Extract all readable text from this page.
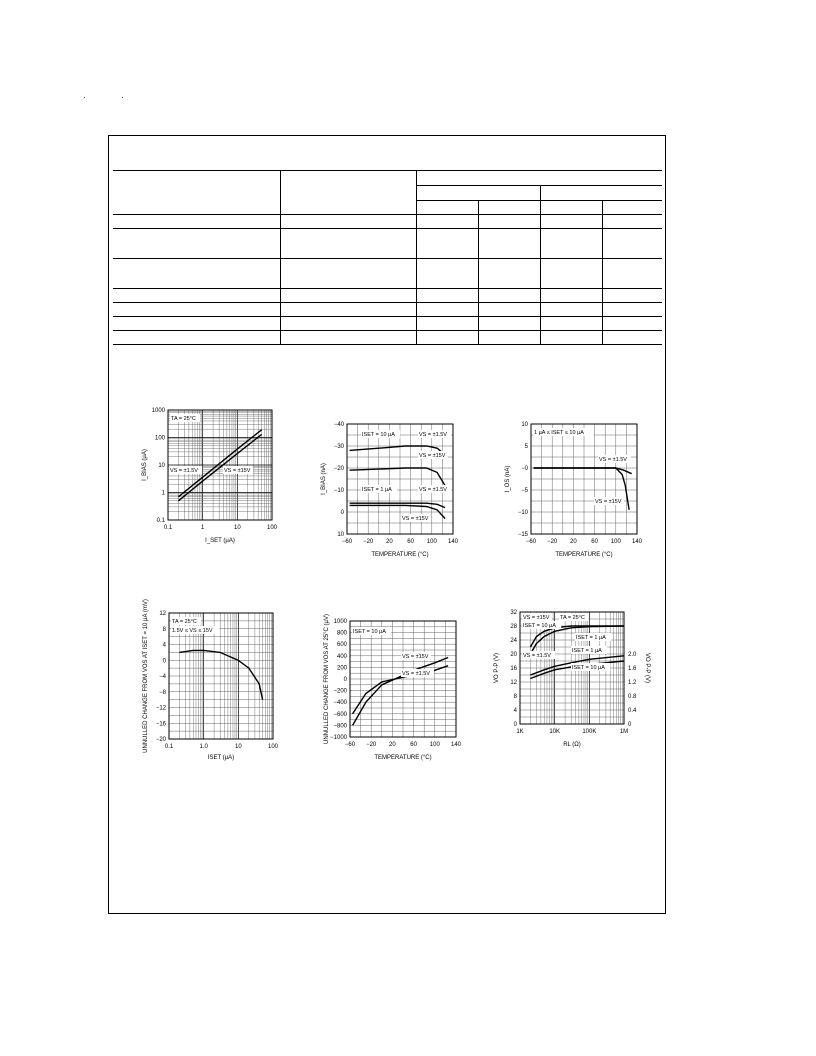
·	·
0.1	1	10	100
1000
100
10
1
0.1
I_SET (µA)
I_BIAS (µA)
TA = 25°C
VS = ±1.5V	VS = ±15V
−60 −20 20 60 100 140
−40
−30
−20
−10
0
10
TEMPERATURE (°C)
I_BIAS (nA)
ISET = 10 µA	VS = ±1.5V
VS = ±15V
ISET = 1 µA	VS = ±1.5V
VS = ±15V
−60 −20 20 60 100 140
10
5
−0
−5
−10
−15
TEMPERATURE (°C)
I_OS (nA)
1 µA ≤ ISET ≤ 10 µA
VS = ±1.5V
VS = ±15V
0.1	1.0	10	100
12
8
4
0
−4
−8
−12
−16
−20
ISET (µA)
UNNULLED CHANGE FROM VOS AT ISET = 10 µA (mV)	TA = 25°C
1.5V ≤ VS ≤ 15V
−60 −20 20 60 100 140
1000
800
600
400
200
0
−200
−400
−600
−800
−1000
TEMPERATURE (°C)
UNNULLED CHANGE FROM VOS AT 25°C (µV)	ISET = 10 µA
VS = ±15V
VS = ±1.5V
1K	10K	100K	1M
32
28
24
20
16
12
8
4
0
2.0
1.6
1.2
0.8
0.4
0
VO P-P (V)
RL (Ω)
VO P-P (V)
VS = ±15V TA = 25°C
ISET = 10 µA
ISET = 1 µA
VS = ±1.5V
ISET = 1 µA
ISET = 10 µA
